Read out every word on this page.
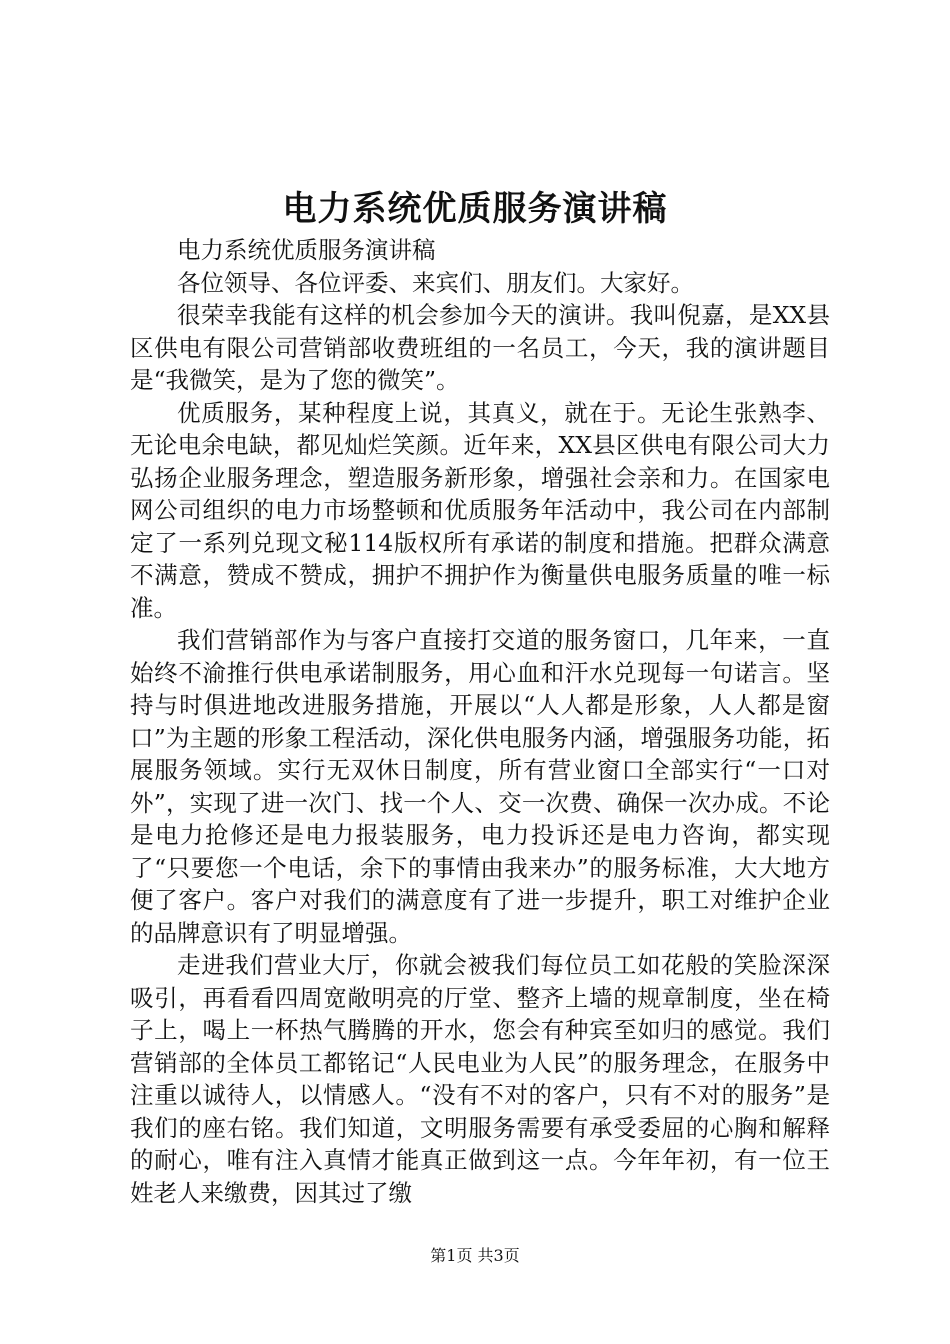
电力系统优质服务演讲稿

电力系统优质服务演讲稿

各位领导、各位评委、来宾们、朋友们。大家好。

很荣幸我能有这样的机会参加今天的演讲。我叫倪嘉，是XX县区供电有限公司营销部收费班组的一名员工，今天，我的演讲题目是“我微笑，是为了您的微笑”。

优质服务，某种程度上说，其真义，就在于。无论生张熟李、无论电余电缺，都见灿烂笑颜。近年来，XX县区供电有限公司大力弘扬企业服务理念，塑造服务新形象，增强社会亲和力。在国家电网公司组织的电力市场整顿和优质服务年活动中，我公司在内部制定了一系列兑现文秘114版权所有承诺的制度和措施。把群众满意不满意，赞成不赞成，拥护不拥护作为衡量供电服务质量的唯一标准。

我们营销部作为与客户直接打交道的服务窗口，几年来，一直始终不渝推行供电承诺制服务，用心血和汗水兑现每一句诺言。坚持与时俱进地改进服务措施，开展以“人人都是形象，人人都是窗口”为主题的形象工程活动，深化供电服务内涵，增强服务功能，拓展服务领域。实行无双休日制度，所有营业窗口全部实行“一口对外”，实现了进一次门、找一个人、交一次费、确保一次办成。不论是电力抢修还是电力报装服务，电力投诉还是电力咨询，都实现了“只要您一个电话，余下的事情由我来办”的服务标准，大大地方便了客户。客户对我们的满意度有了进一步提升，职工对维护企业的品牌意识有了明显增强。

走进我们营业大厅，你就会被我们每位员工如花般的笑脸深深吸引，再看看四周宽敞明亮的厅堂、整齐上墙的规章制度，坐在椅子上，喝上一杯热气腾腾的开水，您会有种宾至如归的感觉。我们营销部的全体员工都铭记“人民电业为人民”的服务理念，在服务中注重以诚待人，以情感人。“没有不对的客户，只有不对的服务”是我们的座右铭。我们知道，文明服务需要有承受委屈的心胸和解释的耐心，唯有注入真情才能真正做到这一点。今年年初，有一位王姓老人来缴费，因其过了缴

第1页 共3页
